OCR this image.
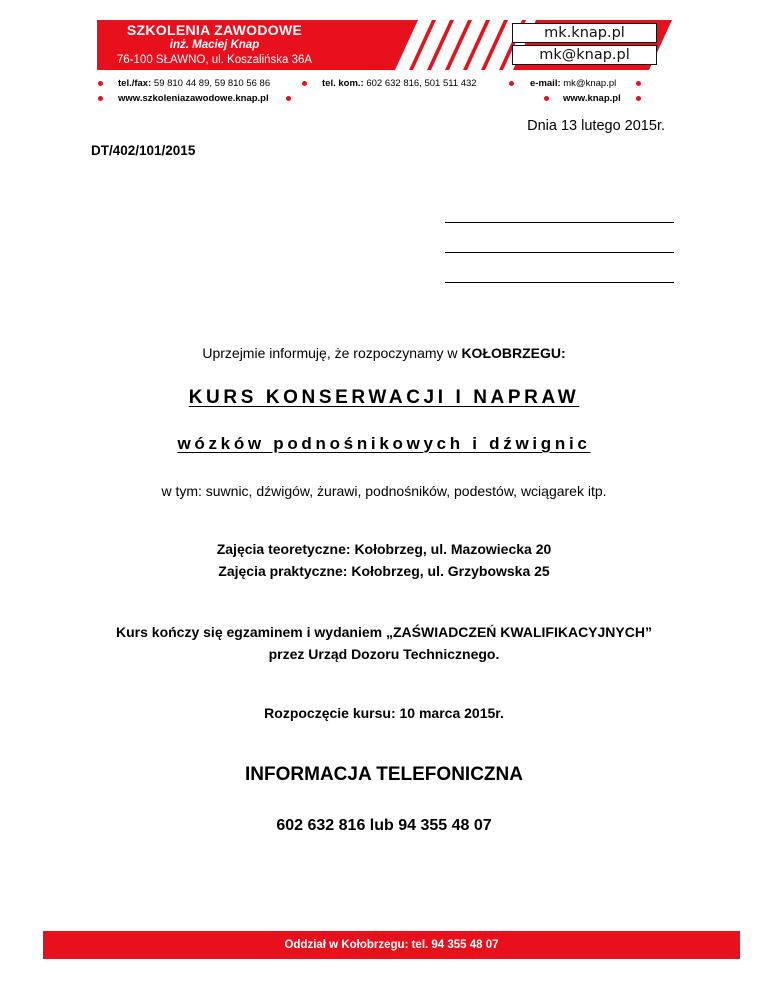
SZKOLENIA ZAWODOWE
inż. Maciej Knap
76-100 SŁAWNO, ul. Koszalińska 36A
mk.knap.pl
mk@knap.pl
tel./fax: 59 810 44 89, 59 810 56 86	tel. kom.: 602 632 816, 501 511 432	e-mail: mk@knap.pl
www.szkoleniazawodowe.knap.pl	www.knap.pl
Dnia 13 lutego 2015r.
DT/402/101/2015
Uprzejmie informuję, że rozpoczynamy w KOŁOBRZEGU:
KURS KONSERWACJI I NAPRAW
wózków podnośnikowych i dźwignic
w tym: suwnic, dźwigów, żurawi, podnośników, podestów, wciągarek itp.
Zajęcia teoretyczne: Kołobrzeg, ul. Mazowiecka 20
Zajęcia praktyczne: Kołobrzeg, ul. Grzybowska 25
Kurs kończy się egzaminem i wydaniem „ZAŚWIADCZEŃ KWALIFIKACYJNYCH”
przez Urząd Dozoru Technicznego.
Rozpoczęcie kursu: 10 marca 2015r.
INFORMACJA TELEFONICZNA
602 632 816 lub 94 355 48 07
Oddział w Kołobrzegu: tel. 94 355 48 07
